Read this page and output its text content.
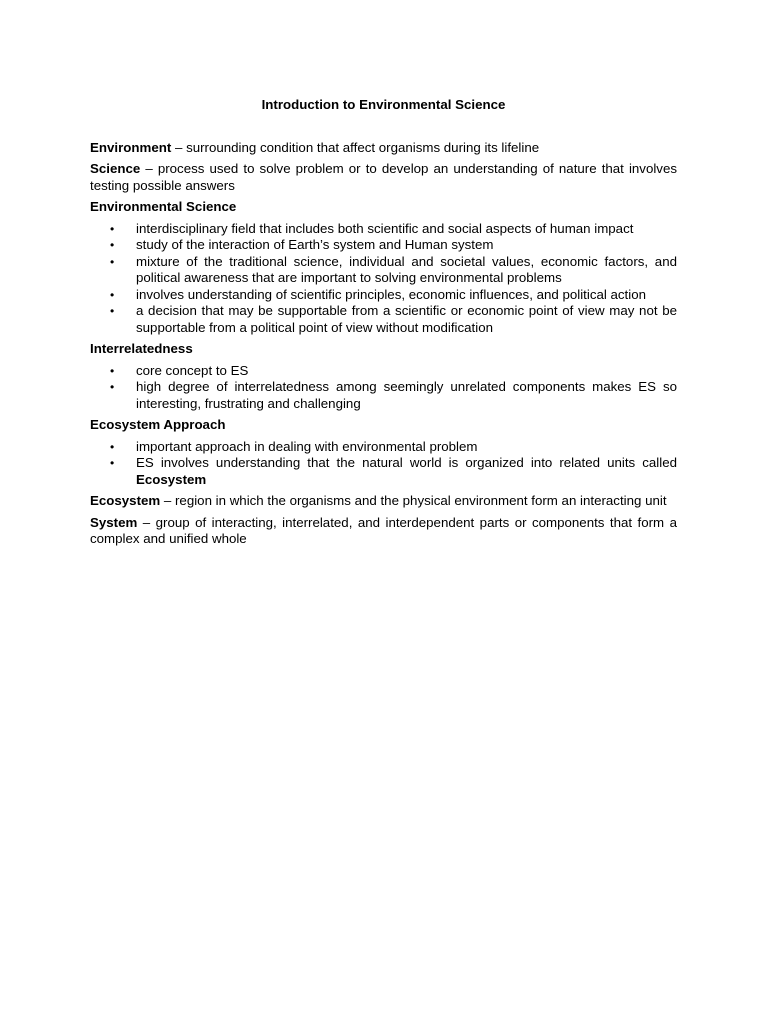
Introduction to Environmental Science

Environment – surrounding condition that affect organisms during its lifeline

Science – process used to solve problem or to develop an understanding of nature that involves testing possible answers

Environmental Science
• interdisciplinary field that includes both scientific and social aspects of human impact
• study of the interaction of Earth’s system and Human system
• mixture of the traditional science, individual and societal values, economic factors, and political awareness that are important to solving environmental problems
• involves understanding of scientific principles, economic influences, and political action
• a decision that may be supportable from a scientific or economic point of view may not be supportable from a political point of view without modification
Interrelatedness
• core concept to ES
• high degree of interrelatedness among seemingly unrelated components makes ES so interesting, frustrating and challenging
Ecosystem Approach
• important approach in dealing with environmental problem
• ES involves understanding that the natural world is organized into related units called Ecosystem

Ecosystem – region in which the organisms and the physical environment form an interacting unit

System – group of interacting, interrelated, and interdependent parts or components that form a complex and unified whole
